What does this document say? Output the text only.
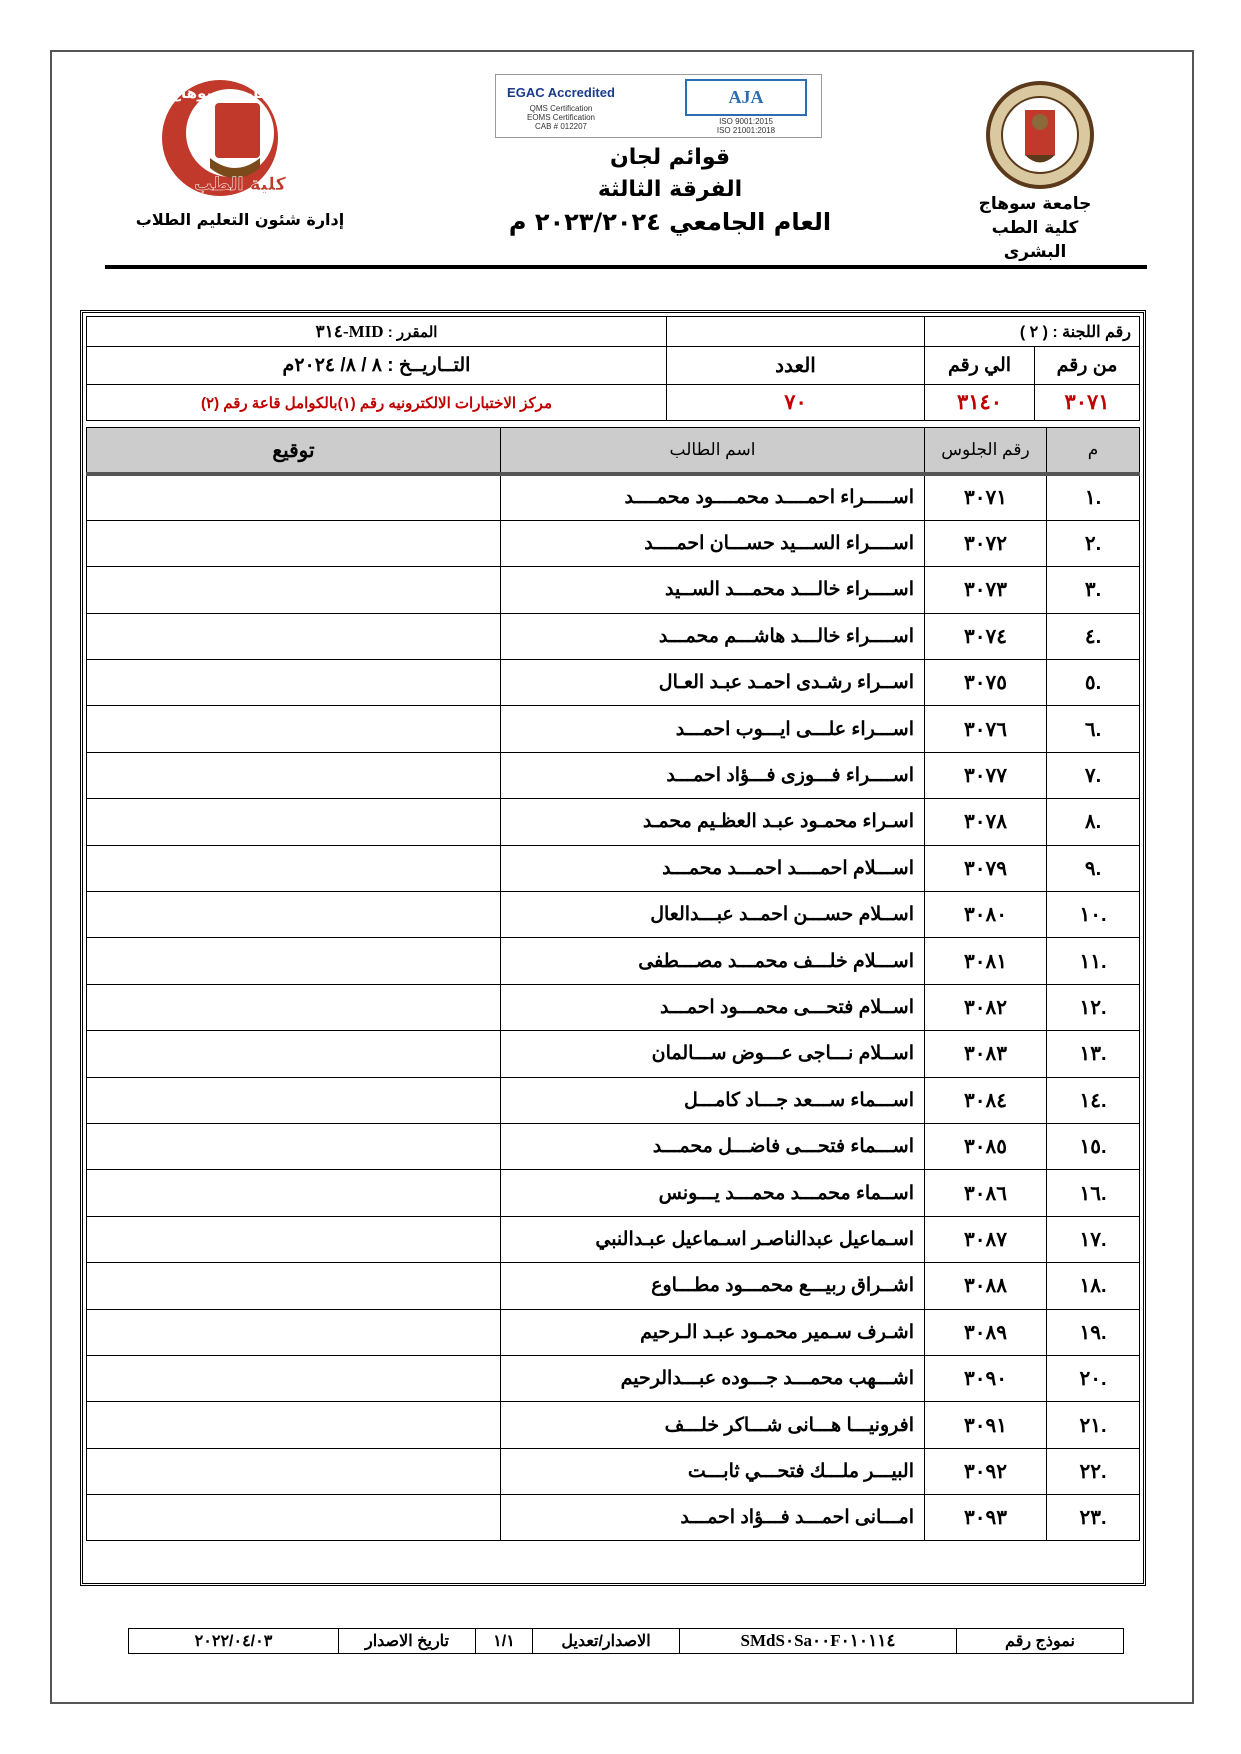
جامعة سوهاج
كلية الطب البشرى
EGAC Accredited
QMS Certification
EOMS Certification
CAB # 012207
AJA
ISO 9001:2015
ISO 21001:2018
قوائم لجان
الفرقة الثالثة
العام الجامعي ٢٠٢٣/٢٠٢٤ م
جامعة سوهاج
كلية الطب
إدارة شئون التعليم الطلاب
رقم اللجنة : ( ٢ )			المقرر : MID-٣١٤
من رقم	الي رقم	العدد	التــاريــخ : ٨ / ٨/ ٢٠٢٤م
٣٠٧١	٣١٤٠	٧٠	مركز الاختبارات الالكترونيه رقم (١)بالكوامل قاعة رقم (٢)
م	رقم الجلوس	اسم الطالب	توقيع
.١	٣٠٧١	اســـــراء احمــــد محمــــود محمــــد	
.٢	٣٠٧٢	اســــراء الســـيد حســـان احمــــد	
.٣	٣٠٧٣	اســــراء خالـــد محمـــد الســيد	
.٤	٣٠٧٤	اســــراء خالـــد هاشـــم محمـــد	
.٥	٣٠٧٥	اســراء رشـدى احمـد عبـد العـال	
.٦	٣٠٧٦	اســـراء علـــى ايـــوب احمـــد	
.٧	٣٠٧٧	اســــراء فـــوزى فـــؤاد احمـــد	
.٨	٣٠٧٨	اسـراء محمـود عبـد العظـيم محمـد	
.٩	٣٠٧٩	اســـلام احمــــد احمـــد محمـــد	
.١٠	٣٠٨٠	اســلام حســـن احمــد عبـــدالعال	
.١١	٣٠٨١	اســـلام خلـــف محمـــد مصـــطفى	
.١٢	٣٠٨٢	اســلام فتحـــى محمـــود احمـــد	
.١٣	٣٠٨٣	اســلام نـــاجى عـــوض ســـالمان	
.١٤	٣٠٨٤	اســـماء ســـعد جـــاد كامـــل	
.١٥	٣٠٨٥	اســـماء فتحـــى فاضـــل محمـــد	
.١٦	٣٠٨٦	اســماء محمـــد محمـــد يـــونس	
.١٧	٣٠٨٧	اسـماعيل عبدالناصـر اسـماعيل عبـدالنبي	
.١٨	٣٠٨٨	اشــراق ربيـــع محمـــود مطـــاوع	
.١٩	٣٠٨٩	اشـرف سـمير محمـود عبـد الـرحيم	
.٢٠	٣٠٩٠	اشـــهب محمـــد جـــوده عبـــدالرحيم	
.٢١	٣٠٩١	افرونيـــا هـــانى شـــاكر خلـــف	
.٢٢	٣٠٩٢	البيـــر ملـــك فتحـــي ثابـــت	
.٢٣	٣٠٩٣	امـــانى احمـــد فـــؤاد احمـــد	
نموذج رقم	SMdS٠Sa٠٠F٠١٠١١٤	الاصدار/تعديل	١/١	تاريخ الاصدار	٢٠٢٢/٠٤/٠٣
